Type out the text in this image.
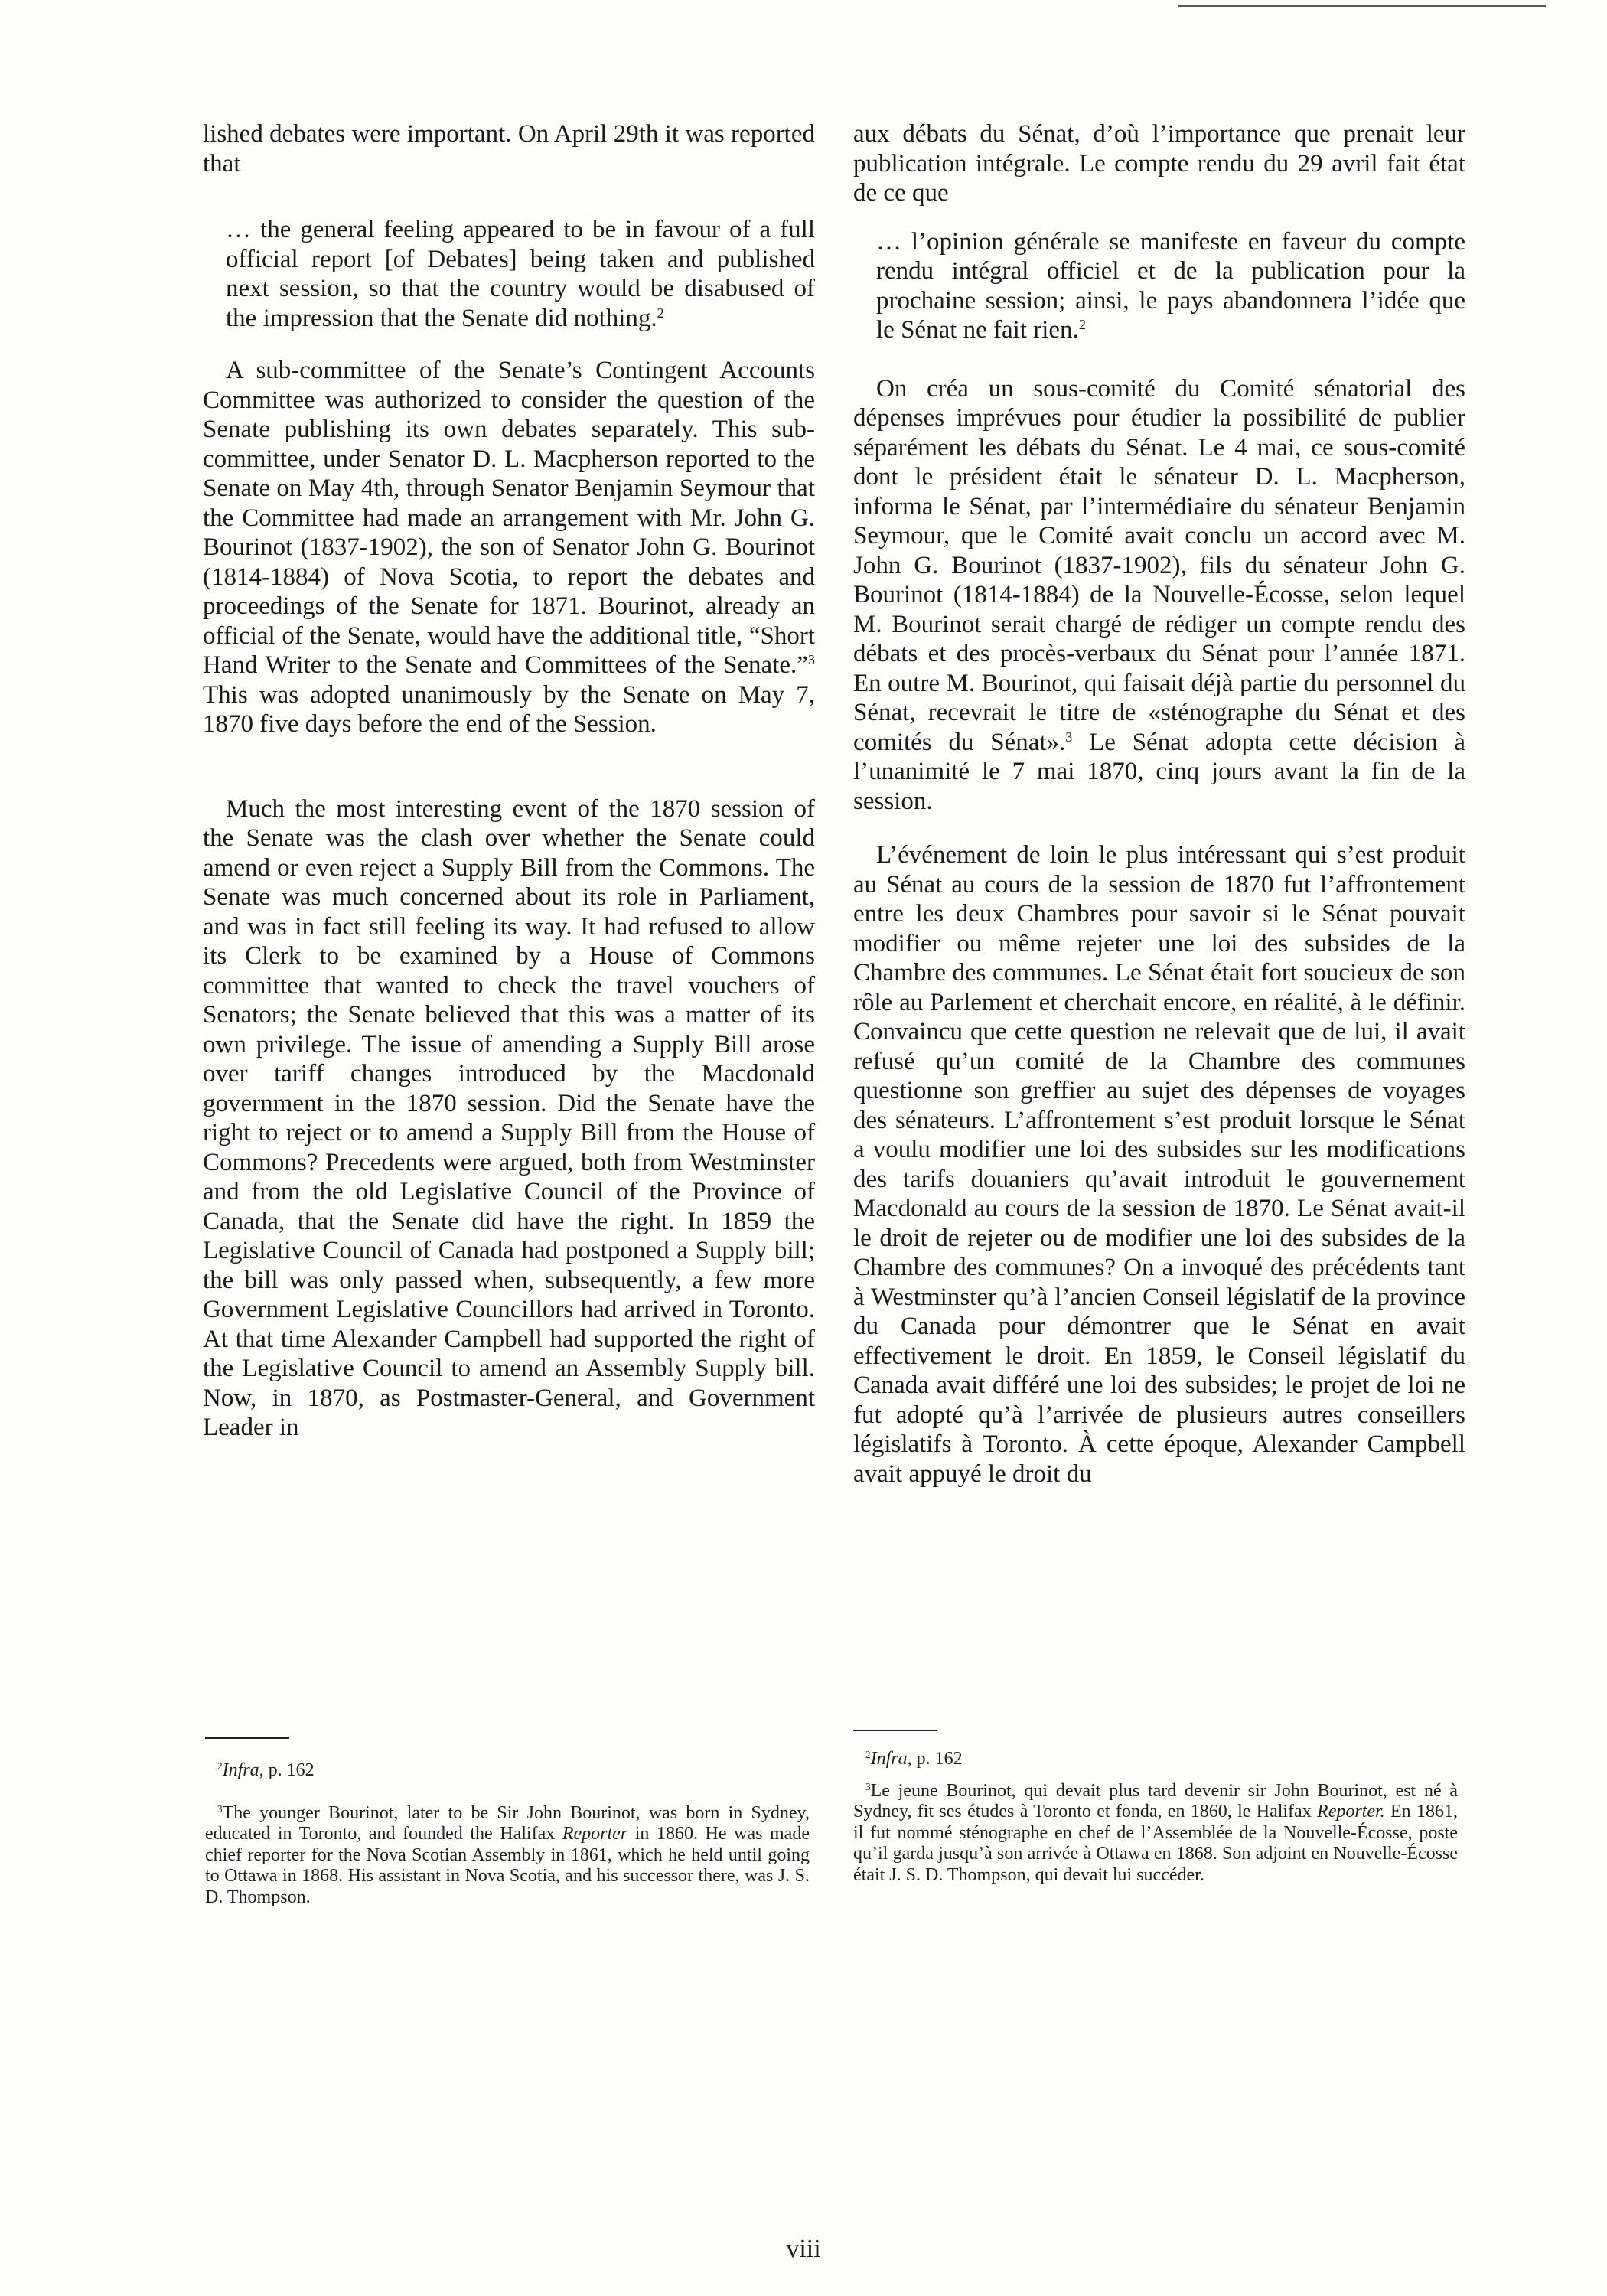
lished debates were important. On April 29th it was reported that

… the general feeling appeared to be in favour of a full official report [of Debates] being taken and published next session, so that the country would be disabused of the impression that the Senate did nothing.$^2$

A sub-committee of the Senate’s Contingent Accounts Committee was authorized to consider the question of the Senate publishing its own debates separately. This sub-committee, under Senator D. L. Macpherson reported to the Senate on May 4th, through Senator Benjamin Seymour that the Committee had made an arrangement with Mr. John G. Bourinot (1837-1902), the son of Senator John G. Bourinot (1814-1884) of Nova Scotia, to report the debates and proceedings of the Senate for 1871. Bourinot, already an official of the Senate, would have the additional title, “Short Hand Writer to the Senate and Committees of the Senate.”$^3$ This was adopted unanimously by the Senate on May 7, 1870 five days before the end of the Session.

Much the most interesting event of the 1870 session of the Senate was the clash over whether the Senate could amend or even reject a Supply Bill from the Commons. The Senate was much concerned about its role in Parliament, and was in fact still feeling its way. It had refused to allow its Clerk to be examined by a House of Commons committee that wanted to check the travel vouchers of Senators; the Senate believed that this was a matter of its own privilege. The issue of amending a Supply Bill arose over tariff changes introduced by the Macdonald government in the 1870 session. Did the Senate have the right to reject or to amend a Supply Bill from the House of Commons? Precedents were argued, both from Westminster and from the old Legislative Council of the Province of Canada, that the Senate did have the right. In 1859 the Legislative Council of Canada had postponed a Supply bill; the bill was only passed when, subsequently, a few more Government Legislative Councillors had arrived in Toronto. At that time Alexander Campbell had supported the right of the Legislative Council to amend an Assembly Supply bill. Now, in 1870, as Postmaster-General, and Government Leader in

aux débats du Sénat, d’où l’importance que prenait leur publication intégrale. Le compte rendu du 29 avril fait état de ce que

… l’opinion générale se manifeste en faveur du compte rendu intégral officiel et de la publication pour la prochaine session; ainsi, le pays abandonnera l’idée que le Sénat ne fait rien.$^2$

On créa un sous-comité du Comité sénatorial des dépenses imprévues pour étudier la possibilité de publier séparément les débats du Sénat. Le 4 mai, ce sous-comité dont le président était le sénateur D. L. Macpherson, informa le Sénat, par l’intermédiaire du sénateur Benjamin Seymour, que le Comité avait conclu un accord avec M. John G. Bourinot (1837-1902), fils du sénateur John G. Bourinot (1814-1884) de la Nouvelle-Écosse, selon lequel M. Bourinot serait chargé de rédiger un compte rendu des débats et des procès-verbaux du Sénat pour l’année 1871. En outre M. Bourinot, qui faisait déjà partie du personnel du Sénat, recevrait le titre de «sténographe du Sénat et des comités du Sénat».$^3$ Le Sénat adopta cette décision à l’unanimité le 7 mai 1870, cinq jours avant la fin de la session.

L’événement de loin le plus intéressant qui s’est produit au Sénat au cours de la session de 1870 fut l’affrontement entre les deux Chambres pour savoir si le Sénat pouvait modifier ou même rejeter une loi des subsides de la Chambre des communes. Le Sénat était fort soucieux de son rôle au Parlement et cherchait encore, en réalité, à le définir. Convaincu que cette question ne relevait que de lui, il avait refusé qu’un comité de la Chambre des communes questionne son greffier au sujet des dépenses de voyages des sénateurs. L’affrontement s’est produit lorsque le Sénat a voulu modifier une loi des subsides sur les modifications des tarifs douaniers qu’avait introduit le gouvernement Macdonald au cours de la session de 1870. Le Sénat avait-il le droit de rejeter ou de modifier une loi des subsides de la Chambre des communes? On a invoqué des précédents tant à Westminster qu’à l’ancien Conseil législatif de la province du Canada pour démontrer que le Sénat en avait effectivement le droit. En 1859, le Conseil législatif du Canada avait différé une loi des subsides; le projet de loi ne fut adopté qu’à l’arrivée de plusieurs autres conseillers législatifs à Toronto. À cette époque, Alexander Campbell avait appuyé le droit du

$^2$Infra, p. 162

$^3$The younger Bourinot, later to be Sir John Bourinot, was born in Sydney, educated in Toronto, and founded the Halifax Reporter in 1860. He was made chief reporter for the Nova Scotian Assembly in 1861, which he held until going to Ottawa in 1868. His assistant in Nova Scotia, and his successor there, was J. S. D. Thompson.

$^2$Infra, p. 162

$^3$Le jeune Bourinot, qui devait plus tard devenir sir John Bourinot, est né à Sydney, fit ses études à Toronto et fonda, en 1860, le Halifax Reporter. En 1861, il fut nommé sténographe en chef de l’Assemblée de la Nouvelle-Écosse, poste qu’il garda jusqu’à son arrivée à Ottawa en 1868. Son adjoint en Nouvelle-Écosse était J. S. D. Thompson, qui devait lui succéder.

viii
